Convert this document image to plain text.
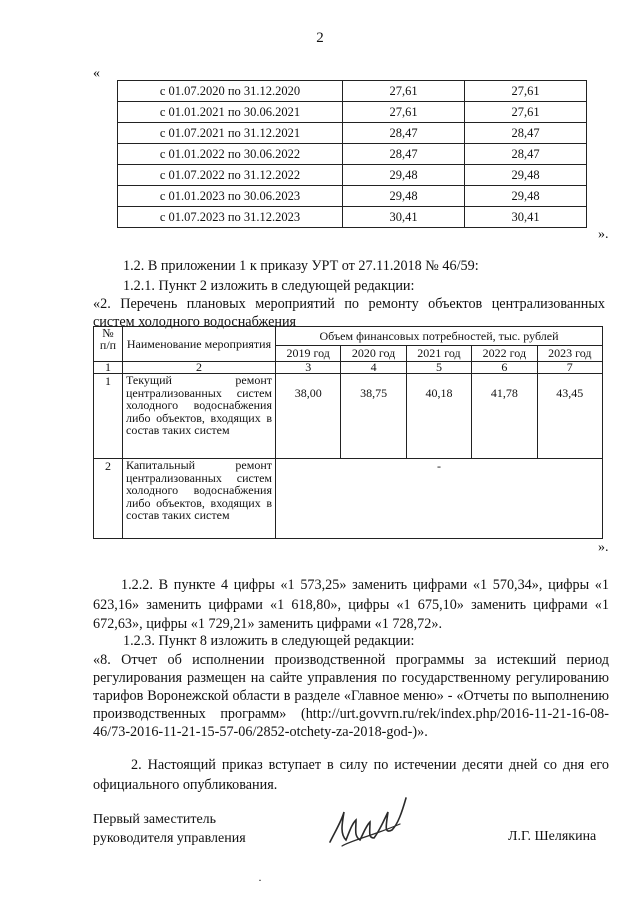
2
«
с 01.07.2020 по 31.12.2020	27,61	27,61
с 01.01.2021 по 30.06.2021	27,61	27,61
с 01.07.2021 по 31.12.2021	28,47	28,47
с 01.01.2022 по 30.06.2022	28,47	28,47
с 01.07.2022 по 31.12.2022	29,48	29,48
с 01.01.2023 по 30.06.2023	29,48	29,48
с 01.07.2023 по 31.12.2023	30,41	30,41
».
1.2. В приложении 1 к приказу УРТ от 27.11.2018 № 46/59:
1.2.1. Пункт 2 изложить в следующей редакции:
«2. Перечень плановых мероприятий по ремонту объектов централизованных систем холодного водоснабжения
№ п/п	Наименование мероприятия	Объем финансовых потребностей, тыс. рублей				
		2019 год	2020 год	2021 год	2022 год	2023 год
1	2	3	4	5	6	7
1	Текущий ремонт централизованных систем холодного водоснабжения либо объектов, входящих в состав таких систем	38,00	38,75	40,18	41,78	43,45
2	Капитальный ремонт централизованных систем холодного водоснабжения либо объектов, входящих в состав таких систем	-				
».
1.2.2. В пункте 4 цифры «1 573,25» заменить цифрами «1 570,34», цифры «1 623,16» заменить цифрами «1 618,80», цифры «1 675,10» заменить цифрами «1 672,63», цифры «1 729,21» заменить цифрами «1 728,72».
1.2.3. Пункт 8 изложить в следующей редакции:
«8. Отчет об исполнении производственной программы за истекший период регулирования размещен на сайте управления по государственному регулированию тарифов Воронежской области в разделе «Главное меню» - «Отчеты по выполнению производственных программ» (http://urt.govvrn.ru/rek/index.php/2016-11-21-16-08-46/73-2016-11-21-15-57-06/2852-otchety-za-2018-god-)».
2. Настоящий приказ вступает в силу по истечении десяти дней со дня его официального опубликования.
Первый заместитель
руководителя управления	Л.Г. Шелякина
·
